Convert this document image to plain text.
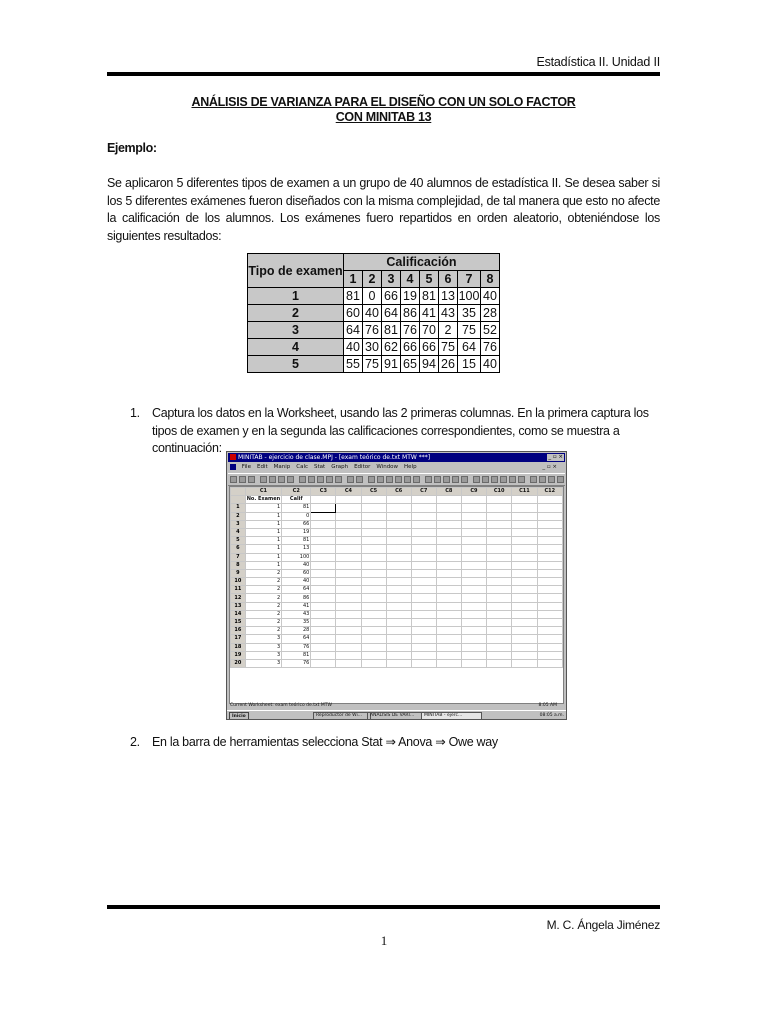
Estadística II. Unidad II
ANÁLISIS DE VARIANZA PARA EL DISEÑO CON UN SOLO FACTOR
CON MINITAB 13
Ejemplo:
Se aplicaron 5 diferentes tipos de examen a un grupo de 40 alumnos de estadística II. Se desea saber si los 5 diferentes exámenes fueron diseñados con la misma complejidad, de tal manera que esto no afecte la calificación de los alumnos. Los exámenes fuero repartidos en orden aleatorio, obteniéndose los siguientes resultados:
Tipo de examen	Calificación							
	1	2	3	4	5	6	7	8
1	81	0	66	19	81	13	100	40
2	60	40	64	86	41	43	35	28
3	64	76	81	76	70	2	75	52
4	40	30	62	66	66	75	64	76
5	55	75	91	65	94	26	15	40
1. Captura los datos en la Worksheet, usando las 2 primeras columnas. En la primera captura los tipos de examen y en la segunda las calificaciones correspondientes, como se muestra a continuación:
MINITAB - ejercicio de clase.MPJ - [exam teórico de.txt MTW ***]	_ ▫ ×
File Edit Manip Calc Stat Graph Editor Window Help	_ ▫ ×
	C1	C2	C3	C4	C5	C6	C7	C8	C9	C10	C11	C12
	No. Examen	Calif										
1	1	81										
2	1	0										
3	1	66										
4	1	19										
5	1	81										
6	1	13										
7	1	100										
8	1	40										
9	2	60										
10	2	40										
11	2	64										
12	2	86										
13	2	41										
14	2	43										
15	2	35										
16	2	28										
17	3	64										
18	3	76										
19	3	81										
20	3	76										
Current Worksheet: exam teórico de.txt MTW	8:05 AM
Inicio	Reproductor de Wi...	ANÁLISIS DE VARI...	MINITAB - ejerc...	08:05 a.m.
2. En la barra de herramientas selecciona Stat ⇒ Anova ⇒ Owe way
M. C. Ángela Jiménez
1
